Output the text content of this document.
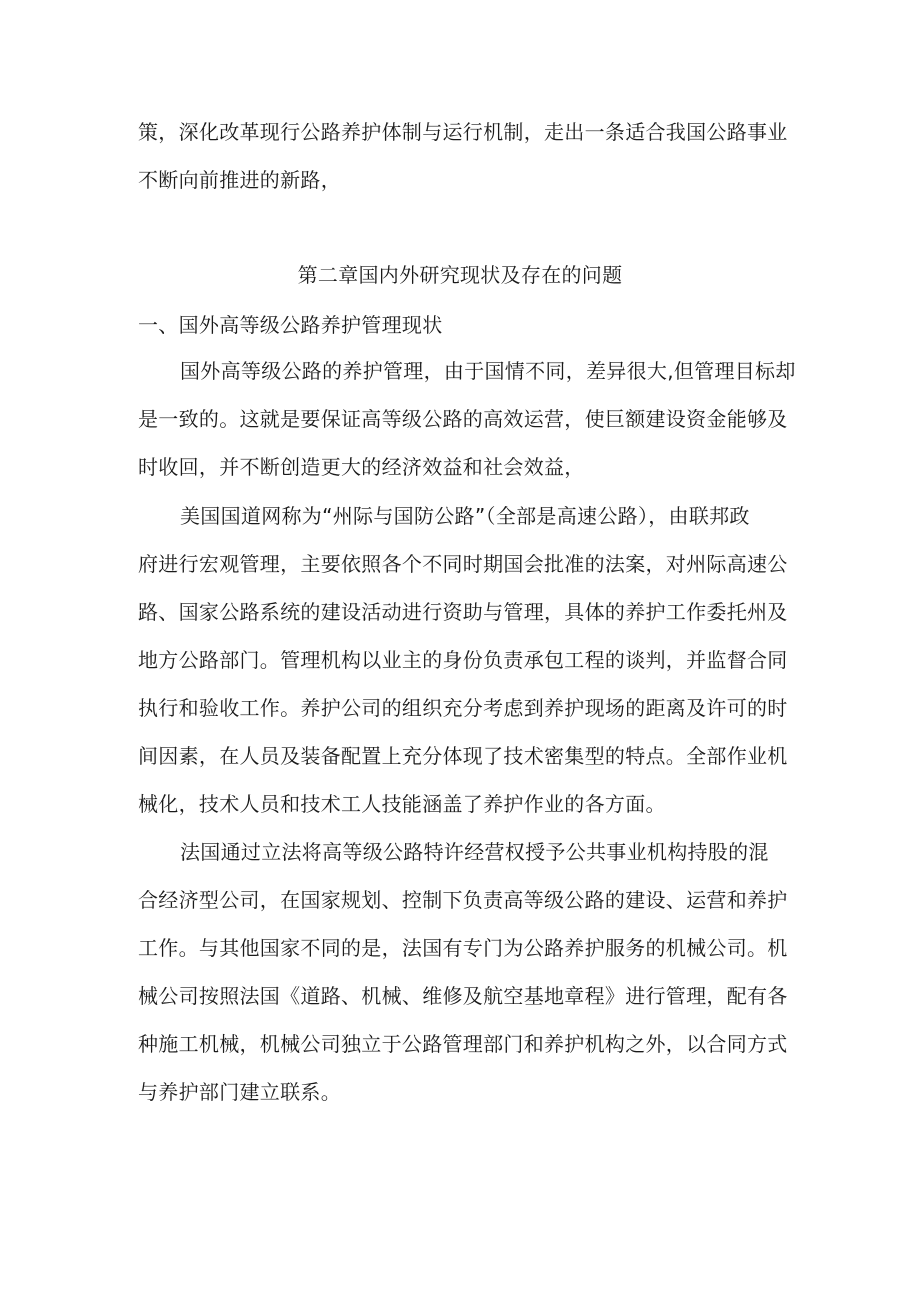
策，深化改革现行公路养护体制与运行机制，走出一条适合我国公路事业
不断向前推进的新路，
第二章国内外研究现状及存在的问题
一、国外高等级公路养护管理现状
国外高等级公路的养护管理，由于国情不同，差异很大,但管理目标却
是一致的。这就是要保证高等级公路的高效运营，使巨额建设资金能够及
时收回，并不断创造更大的经济效益和社会效益，
美国国道网称为“州际与国防公路”（全部是高速公路），由联邦政
府进行宏观管理，主要依照各个不同时期国会批准的法案，对州际高速公
路、国家公路系统的建设活动进行资助与管理，具体的养护工作委托州及
地方公路部门。管理机构以业主的身份负责承包工程的谈判，并监督合同
执行和验收工作。养护公司的组织充分考虑到养护现场的距离及许可的时
间因素，在人员及装备配置上充分体现了技术密集型的特点。全部作业机
械化，技术人员和技术工人技能涵盖了养护作业的各方面。
法国通过立法将高等级公路特许经营权授予公共事业机构持股的混
合经济型公司，在国家规划、控制下负责高等级公路的建设、运营和养护
工作。与其他国家不同的是，法国有专门为公路养护服务的机械公司。机
械公司按照法国《道路、机械、维修及航空基地章程》进行管理，配有各
种施工机械，机械公司独立于公路管理部门和养护机构之外，以合同方式
与养护部门建立联系。
